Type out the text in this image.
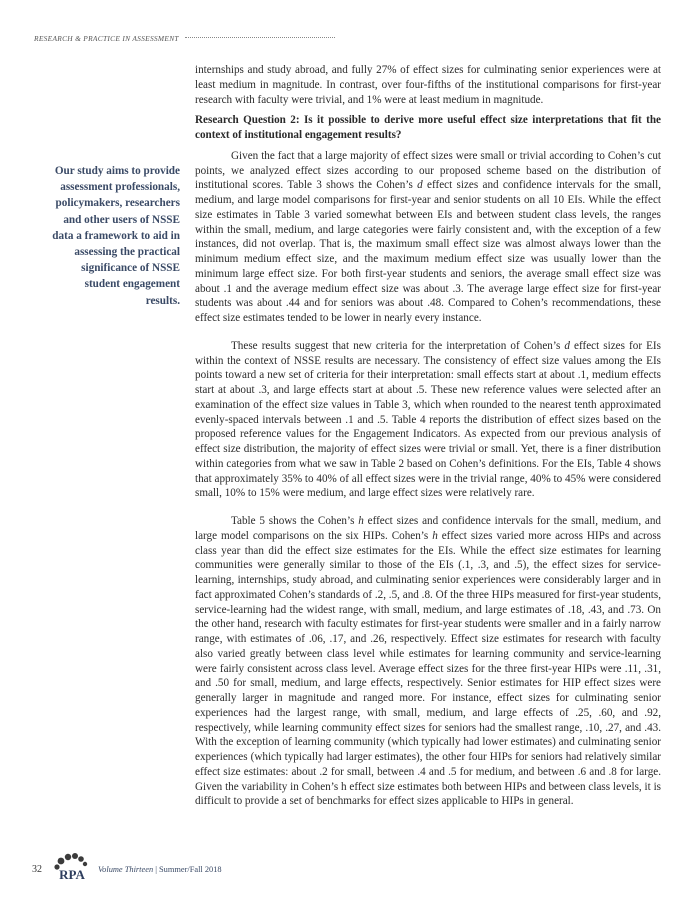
RESEARCH & PRACTICE IN ASSESSMENT
Our study aims to provide assessment professionals, policymakers, researchers and other users of NSSE data a framework to aid in assessing the practical significance of NSSE student engagement results.

internships and study abroad, and fully 27% of effect sizes for culminating senior experiences were at least medium in magnitude. In contrast, over four-fifths of the institutional comparisons for first-year research with faculty were trivial, and 1% were at least medium in magnitude.

Research Question 2: Is it possible to derive more useful effect size interpretations that fit the context of institutional engagement results?

Given the fact that a large majority of effect sizes were small or trivial according to Cohen’s cut points, we analyzed effect sizes according to our proposed scheme based on the distribution of institutional scores. Table 3 shows the Cohen’s d effect sizes and confidence intervals for the small, medium, and large model comparisons for first-year and senior students on all 10 EIs. While the effect size estimates in Table 3 varied somewhat between EIs and between student class levels, the ranges within the small, medium, and large categories were fairly consistent and, with the exception of a few instances, did not overlap. That is, the maximum small effect size was almost always lower than the minimum medium effect size, and the maximum medium effect size was usually lower than the minimum large effect size. For both first-year students and seniors, the average small effect size was about .1 and the average medium effect size was about .3. The average large effect size for first-year students was about .44 and for seniors was about .48. Compared to Cohen’s recommendations, these effect size estimates tended to be lower in nearly every instance.

These results suggest that new criteria for the interpretation of Cohen’s d effect sizes for EIs within the context of NSSE results are necessary. The consistency of effect size values among the EIs points toward a new set of criteria for their interpretation: small effects start at about .1, medium effects start at about .3, and large effects start at about .5. These new reference values were selected after an examination of the effect size values in Table 3, which when rounded to the nearest tenth approximated evenly-spaced intervals between .1 and .5. Table 4 reports the distribution of effect sizes based on the proposed reference values for the Engagement Indicators. As expected from our previous analysis of effect size distribution, the majority of effect sizes were trivial or small. Yet, there is a finer distribution within categories from what we saw in Table 2 based on Cohen’s definitions. For the EIs, Table 4 shows that approximately 35% to 40% of all effect sizes were in the trivial range, 40% to 45% were considered small, 10% to 15% were medium, and large effect sizes were relatively rare.

Table 5 shows the Cohen’s h effect sizes and confidence intervals for the small, medium, and large model comparisons on the six HIPs. Cohen’s h effect sizes varied more across HIPs and across class year than did the effect size estimates for the EIs. While the effect size estimates for learning communities were generally similar to those of the EIs (.1, .3, and .5), the effect sizes for service-learning, internships, study abroad, and culminating senior experiences were considerably larger and in fact approximated Cohen’s standards of .2, .5, and .8. Of the three HIPs measured for first-year students, service-learning had the widest range, with small, medium, and large estimates of .18, .43, and .73. On the other hand, research with faculty estimates for first-year students were smaller and in a fairly narrow range, with estimates of .06, .17, and .26, respectively. Effect size estimates for research with faculty also varied greatly between class level while estimates for learning community and service-learning were fairly consistent across class level. Average effect sizes for the three first-year HIPs were .11, .31, and .50 for small, medium, and large effects, respectively. Senior estimates for HIP effect sizes were generally larger in magnitude and ranged more. For instance, effect sizes for culminating senior experiences had the largest range, with small, medium, and large effects of .25, .60, and .92, respectively, while learning community effect sizes for seniors had the smallest range, .10, .27, and .43. With the exception of learning community (which typically had lower estimates) and culminating senior experiences (which typically had larger estimates), the other four HIPs for seniors had relatively similar effect size estimates: about .2 for small, between .4 and .5 for medium, and between .6 and .8 for large. Given the variability in Cohen’s h effect size estimates both between HIPs and between class levels, it is difficult to provide a set of benchmarks for effect sizes applicable to HIPs in general.

32 RPA Volume Thirteen | Summer/Fall 2018
